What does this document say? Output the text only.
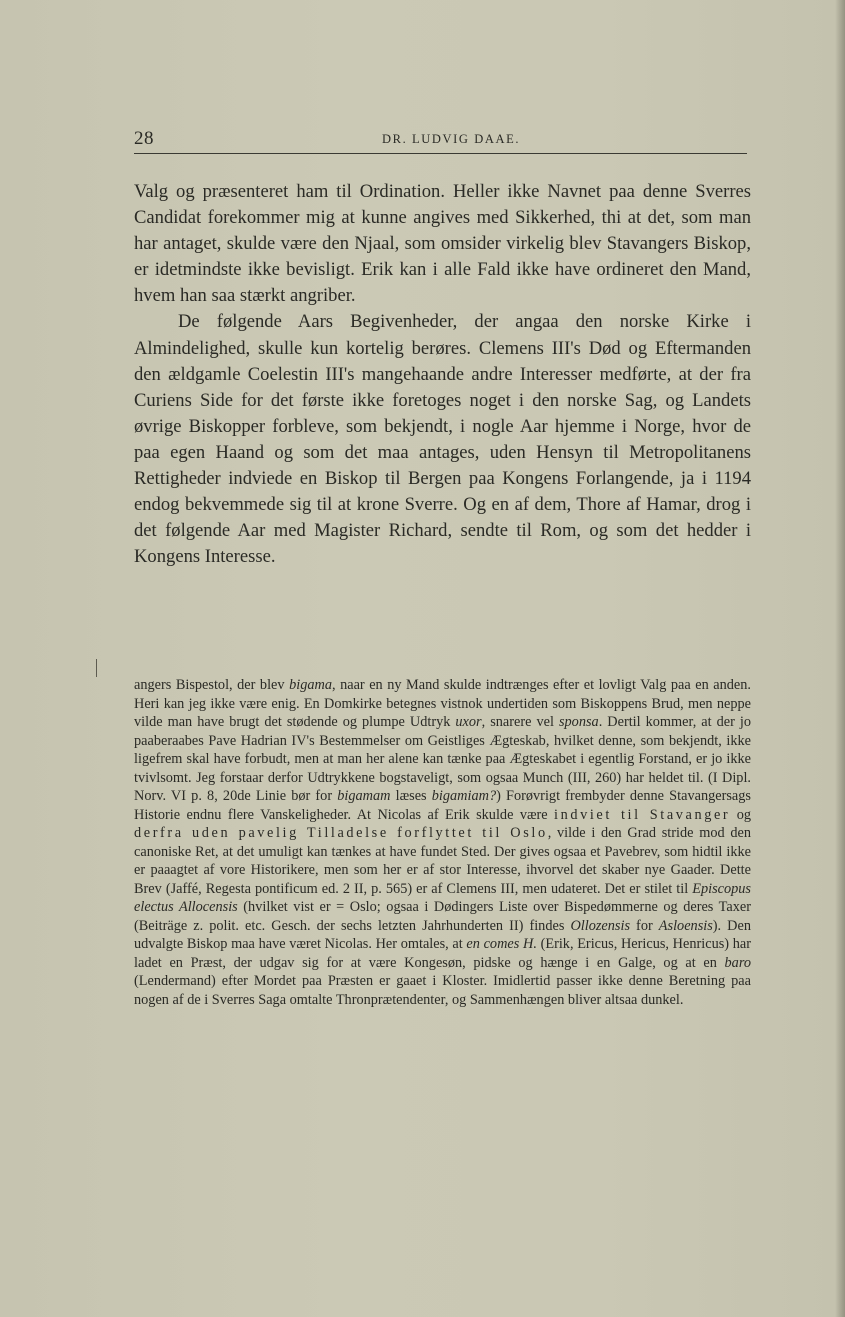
28	DR. LUDVIG DAAE.

Valg og præsenteret ham til Ordination. Heller ikke Navnet paa denne Sverres Candidat forekommer mig at kunne angives med Sikkerhed, thi at det, som man har antaget, skulde være den Njaal, som omsider virkelig blev Stavangers Biskop, er idetmindste ikke bevisligt. Erik kan i alle Fald ikke have ordineret den Mand, hvem han saa stærkt angriber.

De følgende Aars Begivenheder, der angaa den norske Kirke i Almindelighed, skulle kun kortelig berøres. Clemens III's Død og Eftermanden den ældgamle Coelestin III's mangehaande andre Interesser medførte, at der fra Curiens Side for det første ikke foretoges noget i den norske Sag, og Landets øvrige Biskopper forbleve, som bekjendt, i nogle Aar hjemme i Norge, hvor de paa egen Haand og som det maa antages, uden Hensyn til Metropolitanens Rettigheder indviede en Biskop til Bergen paa Kongens Forlangende, ja i 1194 endog bekvemmede sig til at krone Sverre. Og en af dem, Thore af Hamar, drog i det følgende Aar med Magister Richard, sendte til Rom, og som det hedder i Kongens Interesse.

angers Bispestol, der blev bigama, naar en ny Mand skulde indtrænges efter et lovligt Valg paa en anden. Heri kan jeg ikke være enig. En Domkirke betegnes vistnok undertiden som Biskoppens Brud, men neppe vilde man have brugt det stødende og plumpe Udtryk uxor, snarere vel sponsa. Dertil kommer, at der jo paaberaabes Pave Hadrian IV's Bestemmelser om Geistliges Ægteskab, hvilket denne, som bekjendt, ikke ligefrem skal have forbudt, men at man her alene kan tænke paa Ægteskabet i egentlig Forstand, er jo ikke tvivlsomt. Jeg forstaar derfor Udtrykkene bogstaveligt, som ogsaa Munch (III, 260) har heldet til. (I Dipl. Norv. VI p. 8, 20de Linie bør for bigamam læses bigamiam?) Forøvrigt frembyder denne Stavangersags Historie endnu flere Vanskeligheder. At Nicolas af Erik skulde være indviet til Stavanger og derfra uden pavelig Tilladelse forflyttet til Oslo, vilde i den Grad stride mod den canoniske Ret, at det umuligt kan tænkes at have fundet Sted. Der gives ogsaa et Pavebrev, som hidtil ikke er paaagtet af vore Historikere, men som her er af stor Interesse, ihvorvel det skaber nye Gaader. Dette Brev (Jaffé, Regesta pontificum ed. 2 II, p. 565) er af Clemens III, men udateret. Det er stilet til Episcopus electus Allocensis (hvilket vist er = Oslo; ogsaa i Dødingers Liste over Bispedømmerne og deres Taxer (Beiträge z. polit. etc. Gesch. der sechs letzten Jahrhunderten II) findes Ollozensis for Asloensis). Den udvalgte Biskop maa have været Nicolas. Her omtales, at en comes H. (Erik, Ericus, Hericus, Henricus) har ladet en Præst, der udgav sig for at være Kongesøn, pidske og hænge i en Galge, og at en baro (Lendermand) efter Mordet paa Præsten er gaaet i Kloster. Imidlertid passer ikke denne Beretning paa nogen af de i Sverres Saga omtalte Thronprætendenter, og Sammenhængen bliver altsaa dunkel.
